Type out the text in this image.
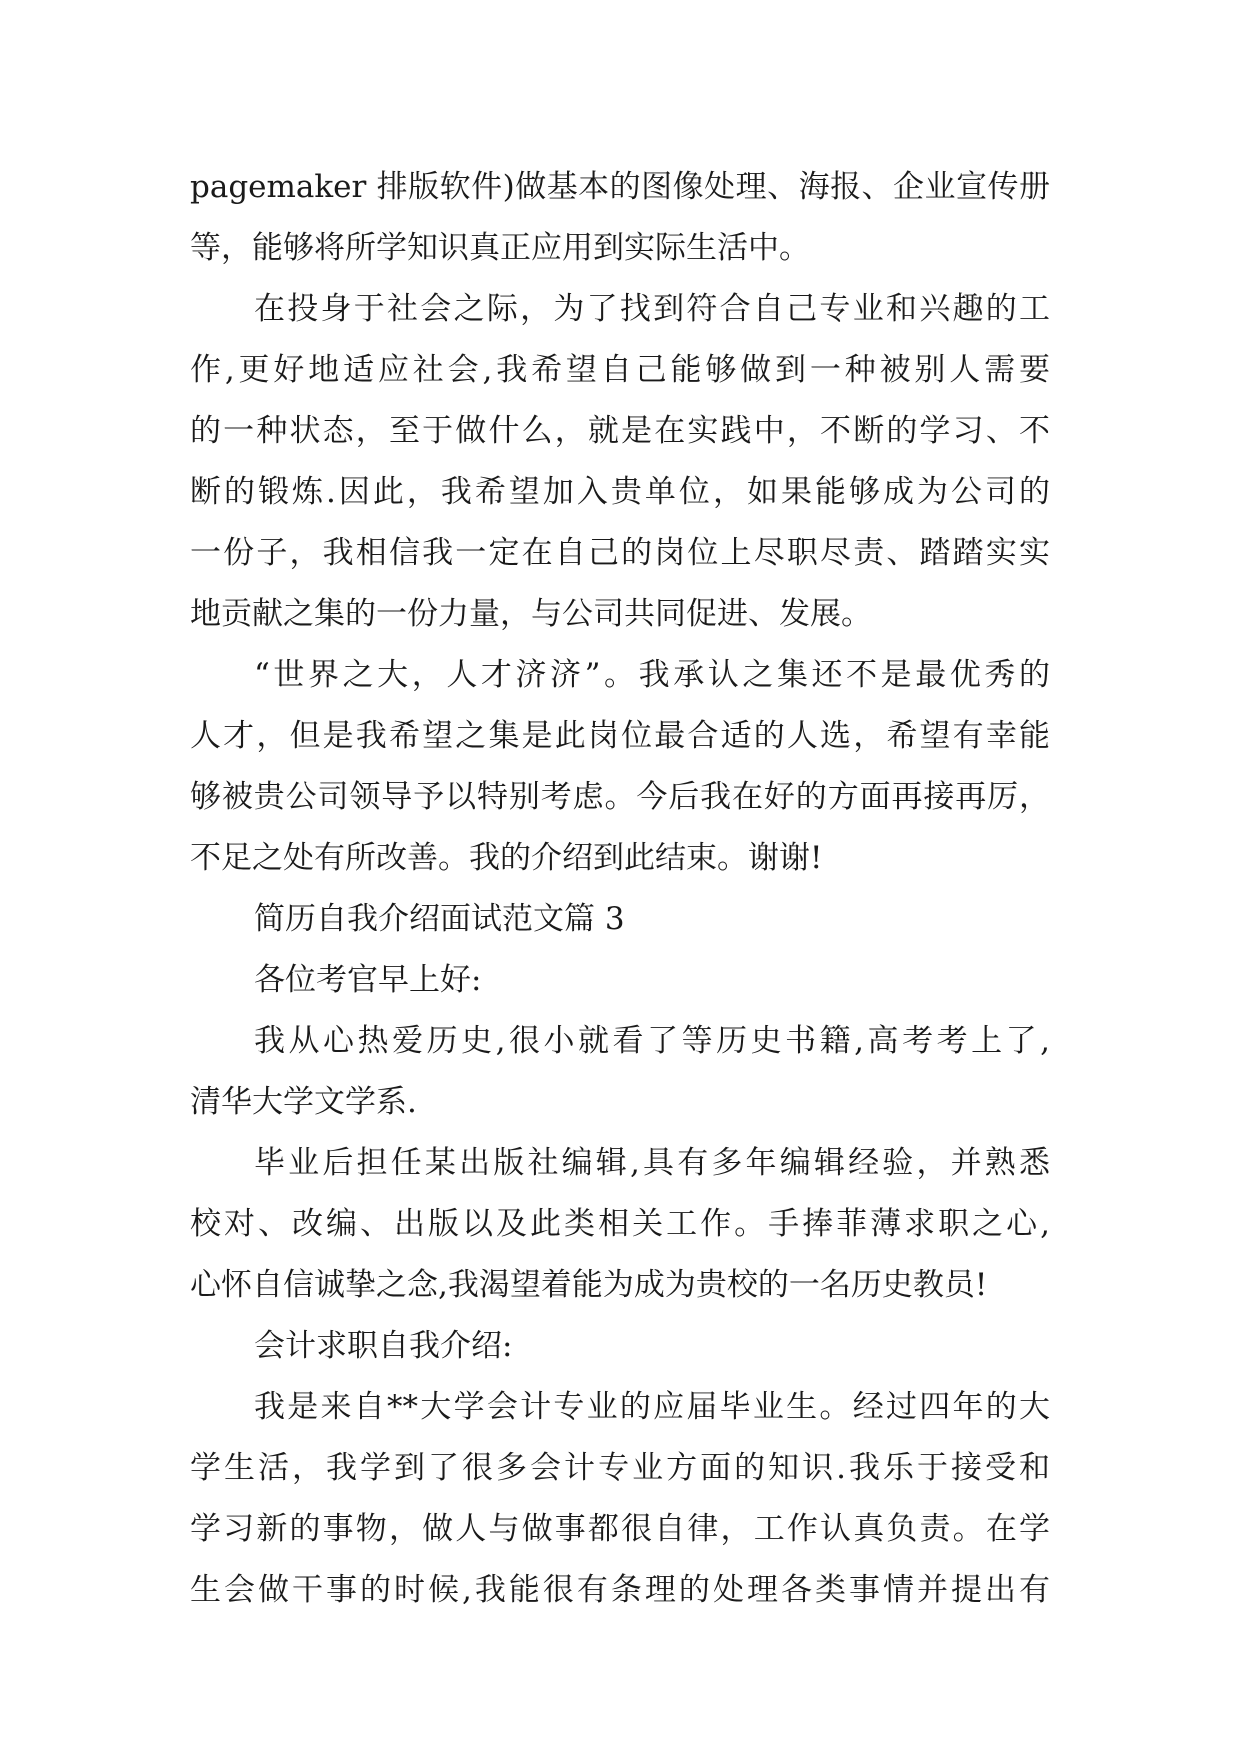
pagemaker 排版软件)做基本的图像处理、海报、企业宣传册
等，能够将所学知识真正应用到实际生活中。
在投身于社会之际，为了找到符合自己专业和兴趣的工
作,更好地适应社会,我希望自己能够做到一种被别人需要
的一种状态，至于做什么，就是在实践中，不断的学习、不
断的锻炼.因此，我希望加入贵单位，如果能够成为公司的
一份子，我相信我一定在自己的岗位上尽职尽责、踏踏实实
地贡献之集的一份力量，与公司共同促进、发展。
“世界之大，人才济济”。我承认之集还不是最优秀的
人才，但是我希望之集是此岗位最合适的人选，希望有幸能
够被贵公司领导予以特别考虑。今后我在好的方面再接再厉，
不足之处有所改善。我的介绍到此结束。谢谢!
简历自我介绍面试范文篇 3
各位考官早上好:
我从心热爱历史,很小就看了等历史书籍,高考考上了,
清华大学文学系.
毕业后担任某出版社编辑,具有多年编辑经验，并熟悉
校对、改编、出版以及此类相关工作。手捧菲薄求职之心,
心怀自信诚挚之念,我渴望着能为成为贵校的一名历史教员!
会计求职自我介绍:
我是来自**大学会计专业的应届毕业生。经过四年的大
学生活，我学到了很多会计专业方面的知识.我乐于接受和
学习新的事物，做人与做事都很自律，工作认真负责。在学
生会做干事的时候,我能很有条理的处理各类事情并提出有
